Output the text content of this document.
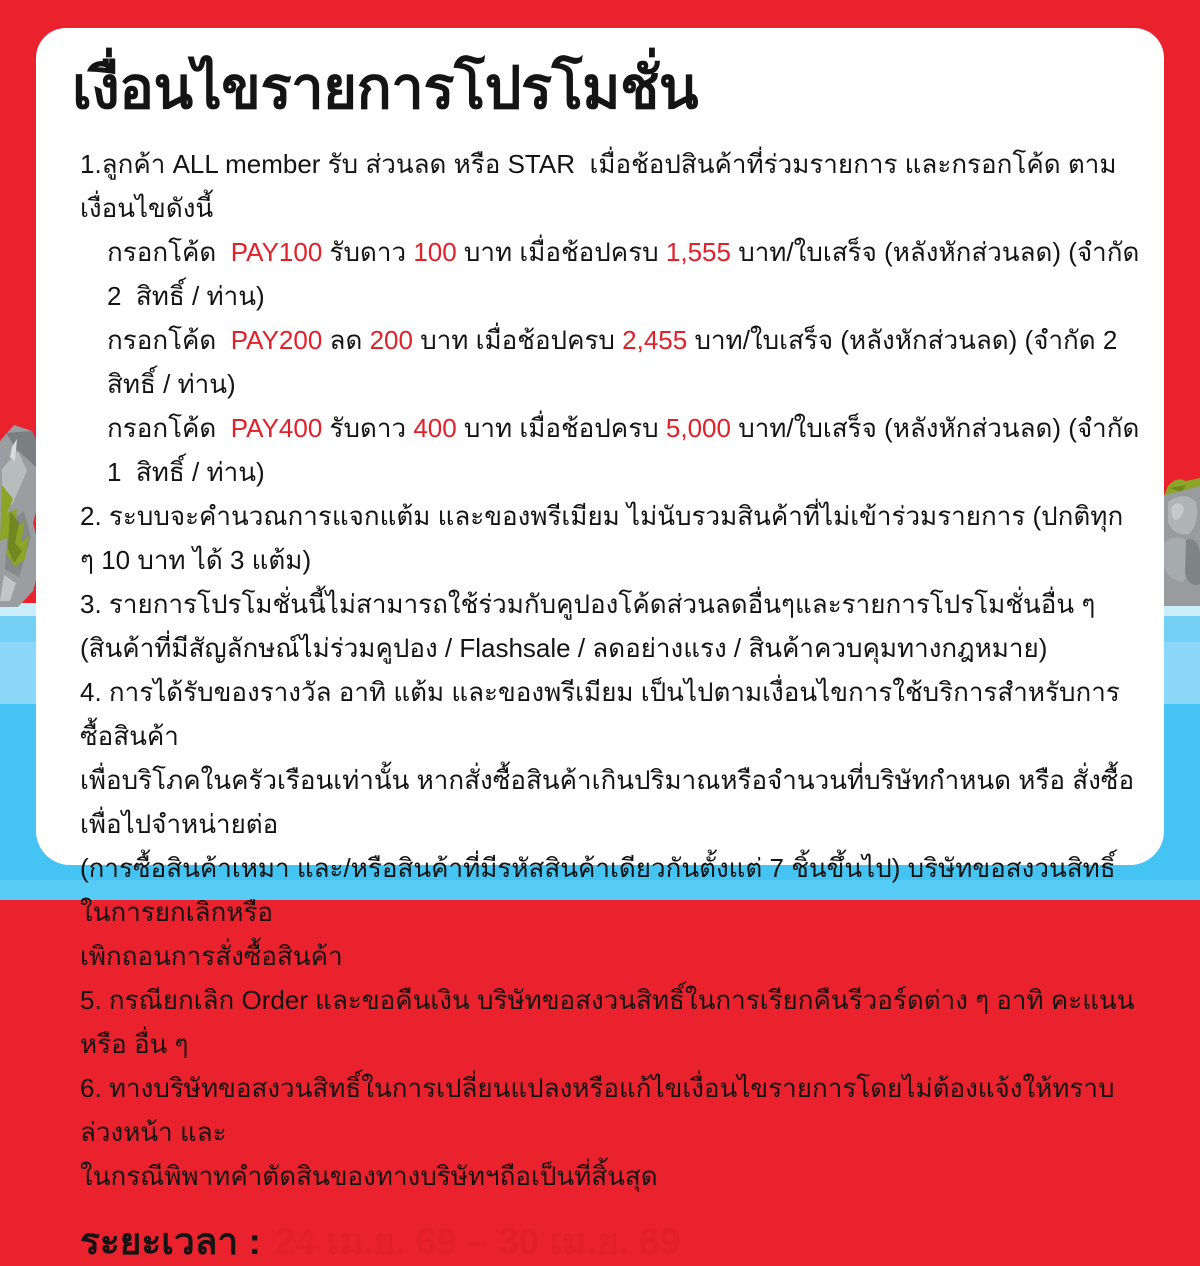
เงื่อนไขรายการโปรโมชั่น
1.ลูกค้า ALL member รับ ส่วนลด หรือ STAR  เมื่อช้อปสินค้าที่ร่วมรายการ และกรอกโค้ด ตามเงื่อนไขดังนี้
กรอกโค้ด  PAY100 รับดาว 100 บาท เมื่อช้อปครบ 1,555 บาท/ใบเสร็จ (หลังหักส่วนลด) (จำกัด 2  สิทธิ์ / ท่าน)
กรอกโค้ด  PAY200 ลด 200 บาท เมื่อช้อปครบ 2,455 บาท/ใบเสร็จ (หลังหักส่วนลด) (จำกัด 2  สิทธิ์ / ท่าน)
กรอกโค้ด  PAY400 รับดาว 400 บาท เมื่อช้อปครบ 5,000 บาท/ใบเสร็จ (หลังหักส่วนลด) (จำกัด 1  สิทธิ์ / ท่าน)
2. ระบบจะคำนวณการแจกแต้ม และของพรีเมียม ไม่นับรวมสินค้าที่ไม่เข้าร่วมรายการ (ปกติทุก ๆ 10 บาท ได้ 3 แต้ม)
3. รายการโปรโมชั่นนี้ไม่สามารถใช้ร่วมกับคูปองโค้ดส่วนลดอื่นๆและรายการโปรโมชั่นอื่น ๆ
(สินค้าที่มีสัญลักษณ์ไม่ร่วมคูปอง / Flashsale / ลดอย่างแรง / สินค้าควบคุมทางกฎหมาย)
4. การได้รับของรางวัล อาทิ แต้ม และของพรีเมียม เป็นไปตามเงื่อนไขการใช้บริการสำหรับการซื้อสินค้า
เพื่อบริโภคในครัวเรือนเท่านั้น หากสั่งซื้อสินค้าเกินปริมาณหรือจำนวนที่บริษัทกำหนด หรือ สั่งซื้อเพื่อไปจำหน่ายต่อ
(การซื้อสินค้าเหมา และ/หรือสินค้าที่มีรหัสสินค้าเดียวกันตั้งแต่ 7 ชิ้นขึ้นไป) บริษัทขอสงวนสิทธิ์ในการยกเลิกหรือ
เพิกถอนการสั่งซื้อสินค้า
5. กรณียกเลิก Order และขอคืนเงิน บริษัทขอสงวนสิทธิ์ในการเรียกคืนรีวอร์ดต่าง ๆ อาทิ คะแนน หรือ อื่น ๆ
6. ทางบริษัทขอสงวนสิทธิ์ในการเปลี่ยนแปลงหรือแก้ไขเงื่อนไขรายการโดยไม่ต้องแจ้งให้ทราบล่วงหน้า และ
ในกรณีพิพาทคำตัดสินของทางบริษัทฯถือเป็นที่สิ้นสุด
ระยะเวลา : 24 เม.ย. 69 – 30 เม.ย. 69
